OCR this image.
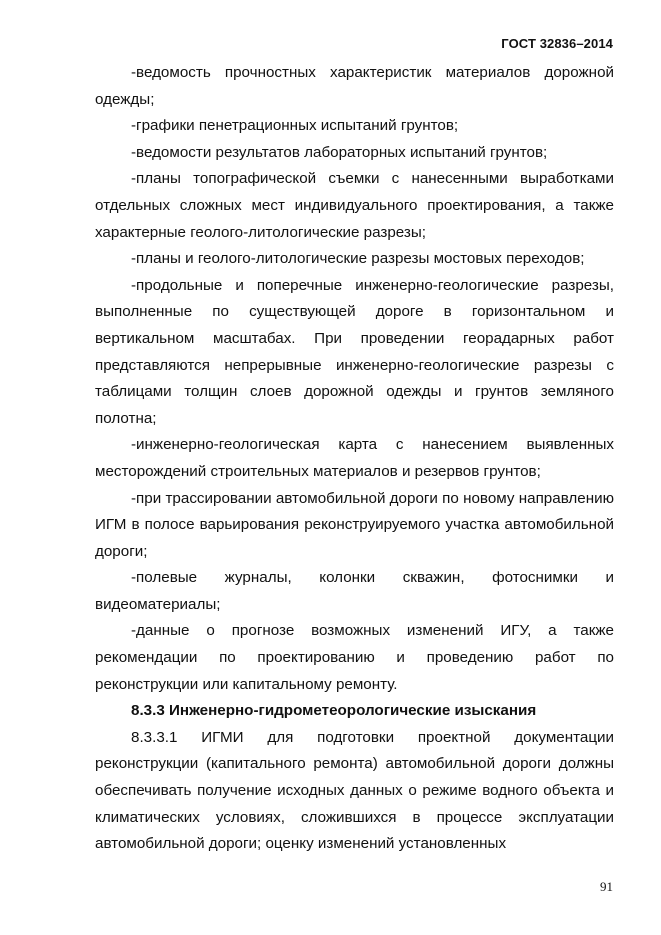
ГОСТ 32836–2014

-ведомость прочностных характеристик материалов дорожной одежды;

-графики пенетрационных испытаний грунтов;

-ведомости результатов лабораторных испытаний грунтов;

-планы топографической съемки с нанесенными выработками отдельных сложных мест индивидуального проектирования, а также характерные геолого-литологические разрезы;

-планы и геолого-литологические разрезы мостовых переходов;

-продольные и поперечные инженерно-геологические разрезы, выполненные по существующей дороге в горизонтальном и вертикальном масштабах. При проведении георадарных работ представляются непрерывные инженерно-геологические разрезы с таблицами толщин слоев дорожной одежды и грунтов земляного полотна;

-инженерно-геологическая карта с нанесением выявленных месторождений строительных материалов и резервов грунтов;

-при трассировании автомобильной дороги по новому направлению ИГМ в полосе варьирования реконструируемого участка автомобильной дороги;

-полевые журналы, колонки скважин, фотоснимки и видеоматериалы;

-данные о прогнозе возможных изменений ИГУ, а также рекомендации по проектированию и проведению работ по реконструкции или капитальному ремонту.

8.3.3 Инженерно-гидрометеорологические изыскания

8.3.3.1 ИГМИ для подготовки проектной документации реконструкции (капитального ремонта) автомобильной дороги должны обеспечивать получение исходных данных о режиме водного объекта и климатических условиях, сложившихся в процессе эксплуатации автомобильной дороги; оценку изменений установленных

91
